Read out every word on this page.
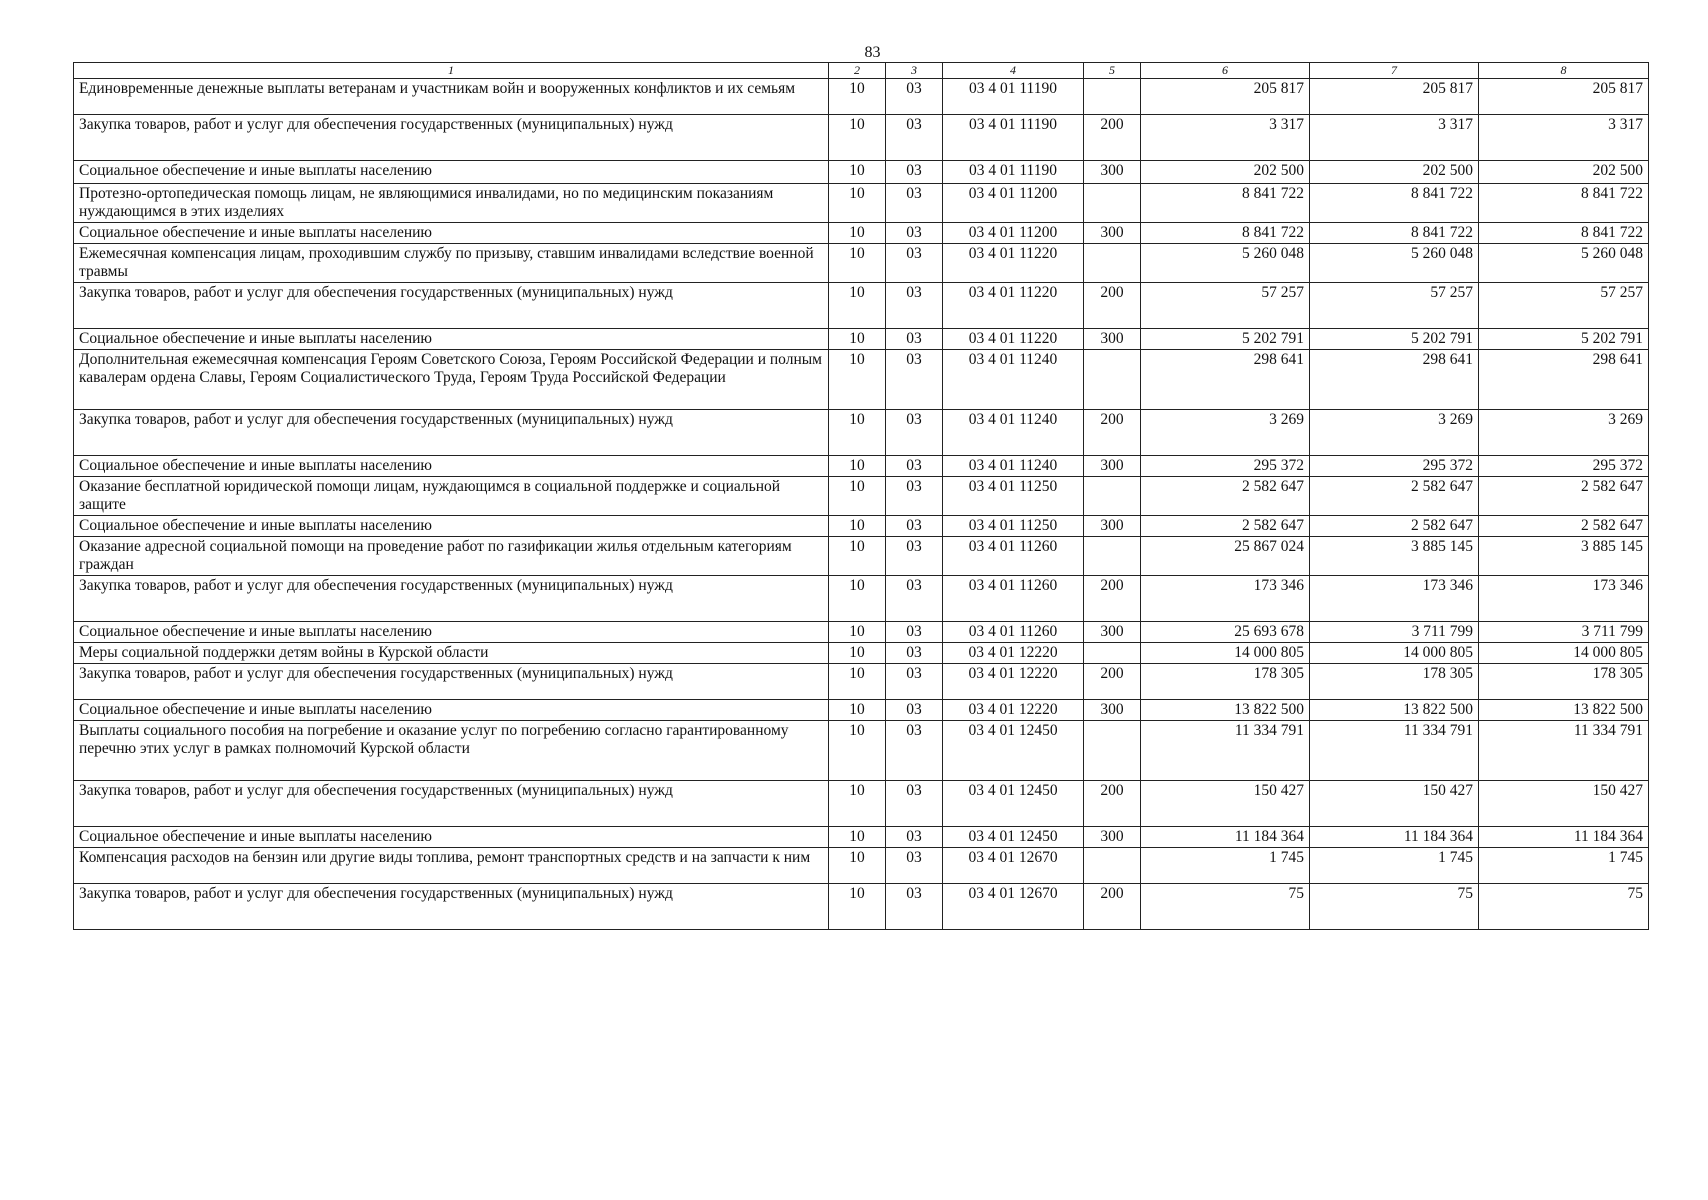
83
1	2	3	4	5	6	7	8
Единовременные денежные выплаты ветеранам и участникам войн и вооруженных конфликтов и их семьям	10	03	03 4 01 11190		205 817	205 817	205 817
Закупка товаров, работ и услуг для обеспечения государственных (муниципальных) нужд	10	03	03 4 01 11190	200	3 317	3 317	3 317
Социальное обеспечение и иные выплаты населению	10	03	03 4 01 11190	300	202 500	202 500	202 500
Протезно-ортопедическая помощь лицам, не являющимися инвалидами, но по медицинским показаниям нуждающимся в этих изделиях	10	03	03 4 01 11200		8 841 722	8 841 722	8 841 722
Социальное обеспечение и иные выплаты населению	10	03	03 4 01 11200	300	8 841 722	8 841 722	8 841 722
Ежемесячная компенсация лицам, проходившим службу по призыву, ставшим инвалидами вследствие военной травмы	10	03	03 4 01 11220		5 260 048	5 260 048	5 260 048
Закупка товаров, работ и услуг для обеспечения государственных (муниципальных) нужд	10	03	03 4 01 11220	200	57 257	57 257	57 257
Социальное обеспечение и иные выплаты населению	10	03	03 4 01 11220	300	5 202 791	5 202 791	5 202 791
Дополнительная ежемесячная компенсация Героям Советского Союза, Героям Российской Федерации и полным кавалерам ордена Славы, Героям Социалистического Труда, Героям Труда Российской Федерации	10	03	03 4 01 11240		298 641	298 641	298 641
Закупка товаров, работ и услуг для обеспечения государственных (муниципальных) нужд	10	03	03 4 01 11240	200	3 269	3 269	3 269
Социальное обеспечение и иные выплаты населению	10	03	03 4 01 11240	300	295 372	295 372	295 372
Оказание бесплатной юридической помощи лицам, нуждающимся в социальной поддержке и социальной защите	10	03	03 4 01 11250		2 582 647	2 582 647	2 582 647
Социальное обеспечение и иные выплаты населению	10	03	03 4 01 11250	300	2 582 647	2 582 647	2 582 647
Оказание адресной социальной помощи на проведение работ по газификации жилья отдельным категориям граждан	10	03	03 4 01 11260		25 867 024	3 885 145	3 885 145
Закупка товаров, работ и услуг для обеспечения государственных (муниципальных) нужд	10	03	03 4 01 11260	200	173 346	173 346	173 346
Социальное обеспечение и иные выплаты населению	10	03	03 4 01 11260	300	25 693 678	3 711 799	3 711 799
Меры социальной поддержки детям войны в Курской области	10	03	03 4 01 12220		14 000 805	14 000 805	14 000 805
Закупка товаров, работ и услуг для обеспечения государственных (муниципальных) нужд	10	03	03 4 01 12220	200	178 305	178 305	178 305
Социальное обеспечение и иные выплаты населению	10	03	03 4 01 12220	300	13 822 500	13 822 500	13 822 500
Выплаты социального пособия на погребение и оказание услуг по погребению согласно гарантированному перечню этих услуг в рамках полномочий Курской области	10	03	03 4 01 12450		11 334 791	11 334 791	11 334 791
Закупка товаров, работ и услуг для обеспечения государственных (муниципальных) нужд	10	03	03 4 01 12450	200	150 427	150 427	150 427
Социальное обеспечение и иные выплаты населению	10	03	03 4 01 12450	300	11 184 364	11 184 364	11 184 364
Компенсация расходов на бензин или другие виды топлива, ремонт транспортных средств и на запчасти к ним	10	03	03 4 01 12670		1 745	1 745	1 745
Закупка товаров, работ и услуг для обеспечения государственных (муниципальных) нужд	10	03	03 4 01 12670	200	75	75	75
